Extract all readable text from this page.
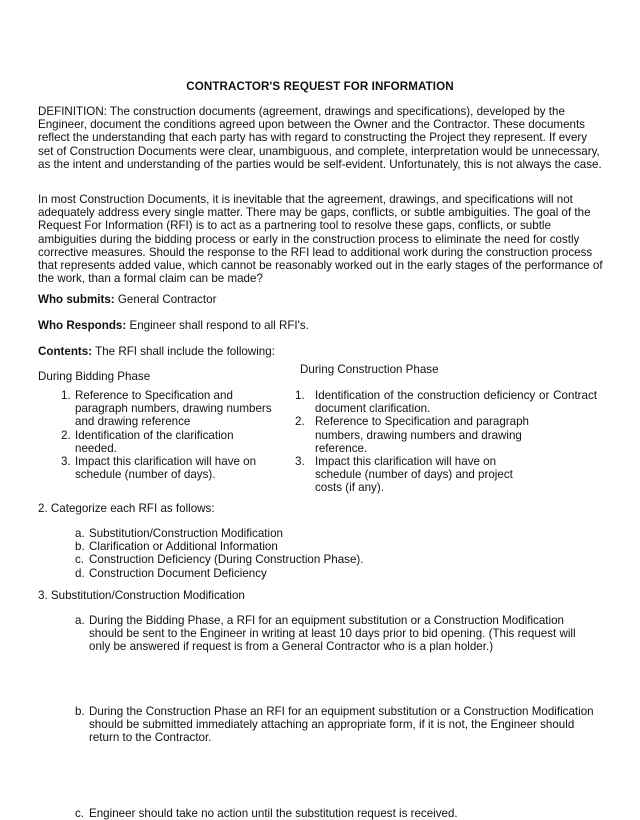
CONTRACTOR'S REQUEST FOR INFORMATION

DEFINITION: The construction documents (agreement, drawings and specifications), developed by the Engineer, document the conditions agreed upon between the Owner and the Contractor. These documents reflect the understanding that each party has with regard to constructing the Project they represent. If every set of Construction Documents were clear, unambiguous, and complete, interpretation would be unnecessary, as the intent and understanding of the parties would be self-evident. Unfortunately, this is not always the case.

In most Construction Documents, it is inevitable that the agreement, drawings, and specifications will not adequately address every single matter. There may be gaps, conflicts, or subtle ambiguities. The goal of the Request For Information (RFI) is to act as a partnering tool to resolve these gaps, conflicts, or subtle ambiguities during the bidding process or early in the construction process to eliminate the need for costly corrective measures. Should the response to the RFI lead to additional work during the construction process that represents added value, which cannot be reasonably worked out in the early stages of the performance of the work, than a formal claim can be made?

Who submits: General Contractor

Who Responds: Engineer shall respond to all RFI's.

Contents: The RFI shall include the following:

During Bidding Phase

1. Reference to Specification and paragraph numbers, drawing numbers and drawing reference
2. Identification of the clarification needed.
3. Impact this clarification will have on schedule (number of days).

During Construction Phase

1. Identification of the construction deficiency or Contract document clarification.
2. Reference to Specification and paragraph numbers, drawing numbers and drawing reference.
3. Impact this clarification will have on schedule (number of days) and project costs (if any).

2. Categorize each RFI as follows:

a. Substitution/Construction Modification
b. Clarification or Additional Information
c. Construction Deficiency (During Construction Phase).
d. Construction Document Deficiency

3. Substitution/Construction Modification

a. During the Bidding Phase, a RFI for an equipment substitution or a Construction Modification should be sent to the Engineer in writing at least 10 days prior to bid opening. (This request will only be answered if request is from a General Contractor who is a plan holder.)
b. During the Construction Phase an RFI for an equipment substitution or a Construction Modification should be submitted immediately attaching an appropriate form, if it is not, the Engineer should return to the Contractor.
c. Engineer should take no action until the substitution request is received.
